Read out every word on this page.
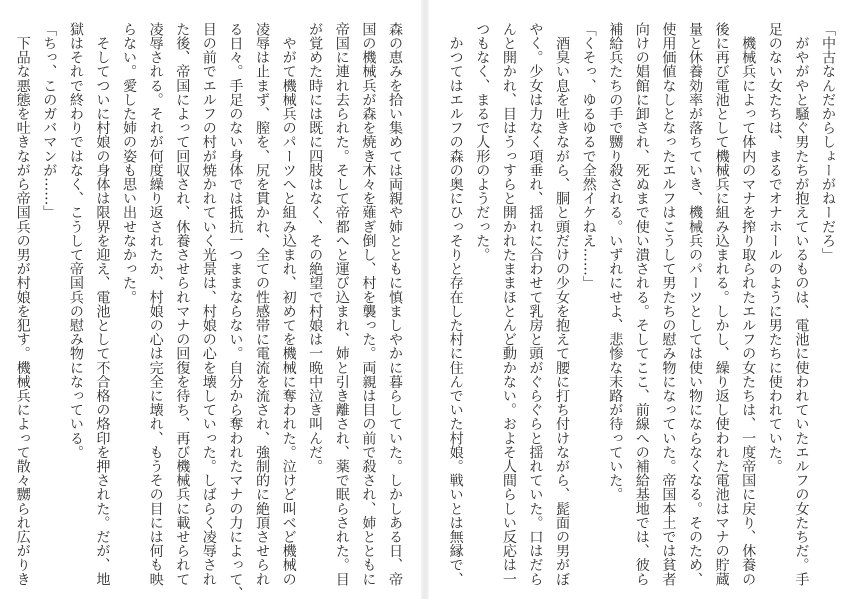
「中古なんだからしょーがねーだろ」
　がやがやと騒ぐ男たちが抱えているものは、電池に使われていたエルフの女たちだ。手
足のない女たちは、まるでオナホールのように男たちに使われていた。
　機械兵によって体内のマナを搾り取られたエルフの女たちは、一度帝国に戻り、休養の
後に再び電池として機械兵に組み込まれる。しかし、繰り返し使われた電池はマナの貯蔵
量と休養効率が落ちていき、機械兵のパーツとしては使い物にならなくなる。そのため、
使用価値なしとなったエルフはこうして男たちの慰み物になっていた。帝国本土では貧者
向けの娼館に卸され、死ぬまで使い潰される。そしてここ、前線への補給基地では、彼ら
補給兵たちの手で嬲り殺される。いずれにせよ、悲惨な末路が待っていた。
「くそっ、ゆるゆるで全然イケねえ……」
　酒臭い息を吐きながら、胴と頭だけの少女を抱えて腰に打ち付けながら、髭面の男がぼ
やく。少女は力なく項垂れ、揺れに合わせて乳房と頭がぐらぐらと揺れていた。口はだら
んと開かれ、目はうっすらと開かれたままほとんど動かない。およそ人間らしい反応は一
つもなく、まるで人形のようだった。
　かつてはエルフの森の奥にひっそりと存在した村に住んでいた村娘。戦いとは無縁で、
森の恵みを拾い集めては両親や姉とともに慎ましやかに暮らしていた。しかしある日、帝
国の機械兵が森を焼き木々を薙ぎ倒し、村を襲った。両親は目の前で殺され、姉とともに
帝国に連れ去られた。そして帝都へと運び込まれ、姉と引き離され、薬で眠らされた。目
が覚めた時には既に四肢はなく、その絶望で村娘は一晩中泣き叫んだ。
　やがて機械兵のパーツへと組み込まれ、初めてを機械に奪われた。泣けど叫べど機械の
凌辱は止まず、膣を、尻を貫かれ、全ての性感帯に電流を流され、強制的に絶頂させられ
る日々。手足のない身体では抵抗一つままならない。自分から奪われたマナの力によって、
目の前でエルフの村が焼かれていく光景は、村娘の心を壊していった。しばらく凌辱され
た後、帝国によって回収され、休養させられマナの回復を待ち、再び機械兵に載せられて
凌辱される。それが何度繰り返されたか、村娘の心は完全に壊れ、もうその目には何も映
らない。愛した姉の姿も思い出せなかった。
　そしてついに村娘の身体は限界を迎え、電池として不合格の烙印を押された。だが、地
獄はそれで終わりではなく、こうして帝国兵の慰み物になっている。
「ちっ、このガバマンが……」
　下品な悪態を吐きながら帝国兵の男が村娘を犯す。機械兵によって散々嬲られ広がりき
